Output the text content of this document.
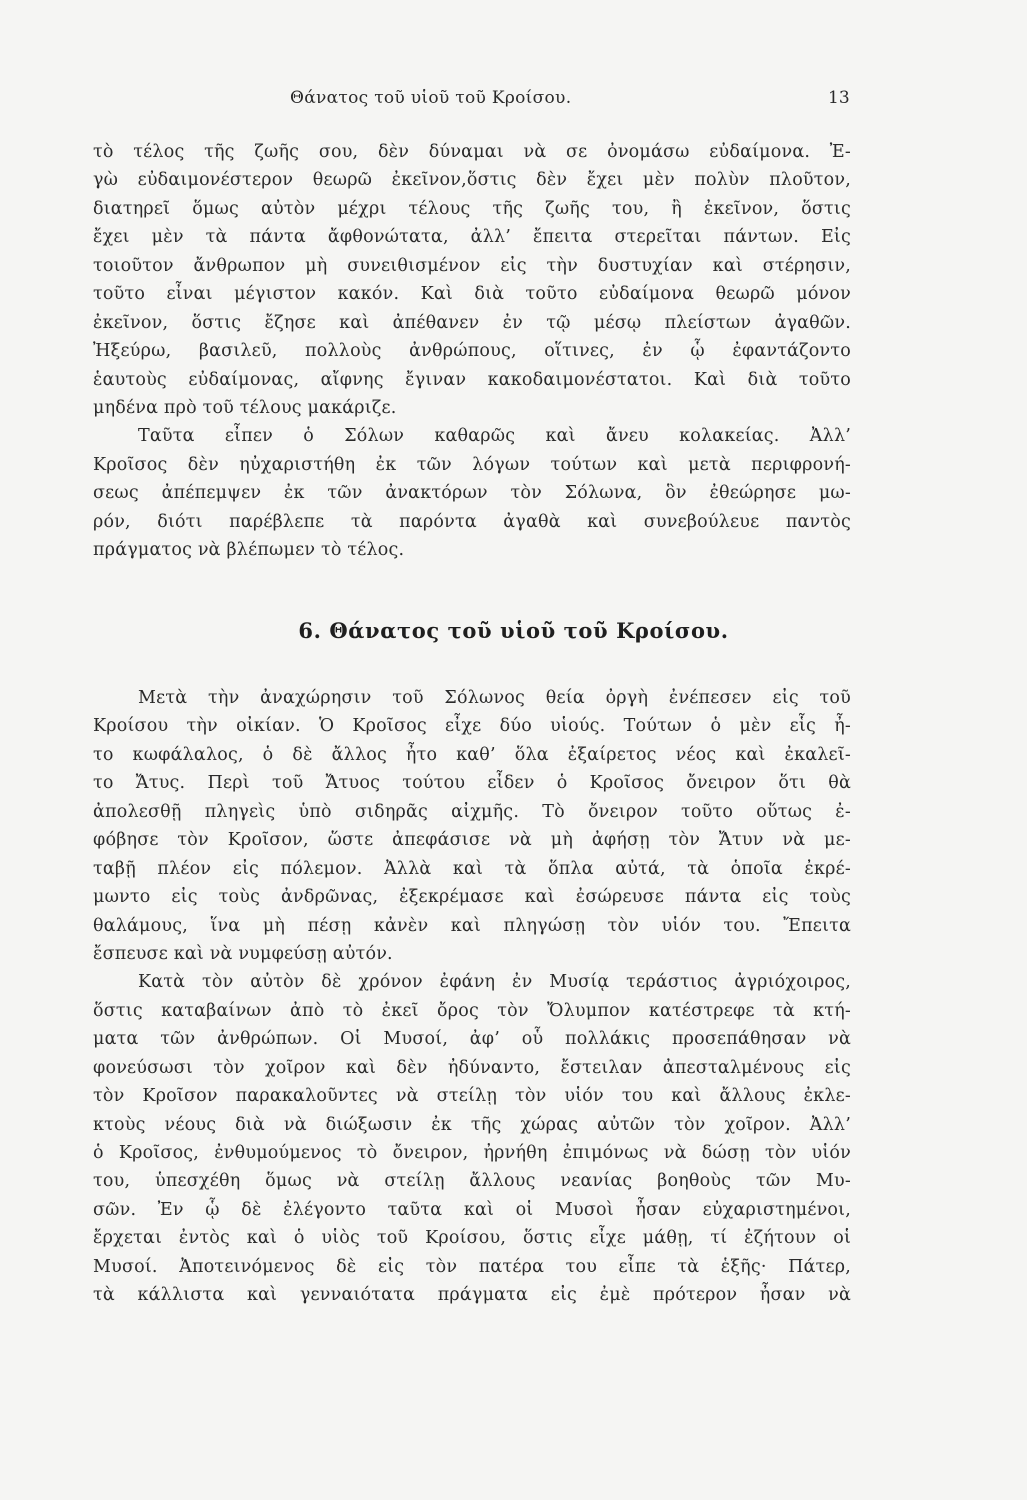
Θάνατος τοῦ υἱοῦ τοῦ Κροίσου.	13
τὸ τέλος τῆς ζωῆς σου, δὲν δύναμαι νὰ σε ὀνομάσω εὐδαίμονα. Ἐ-
γὼ εὐδαιμονέστερον θεωρῶ ἐκεῖνον,ὅστις δὲν ἔχει μὲν πολὺν πλοῦτον,
διατηρεῖ ὅμως αὐτὸν μέχρι τέλους τῆς ζωῆς του, ἢ ἐκεῖνον, ὅστις
ἔχει μὲν τὰ πάντα ἄφθονώτατα, ἀλλ’ ἔπειτα στερεῖται πάντων. Εἰς
τοιοῦτον ἄνθρωπον μὴ συνειθισμένον εἰς τὴν δυστυχίαν καὶ στέρησιν,
τοῦτο εἶναι μέγιστον κακόν. Καὶ διὰ τοῦτο εὐδαίμονα θεωρῶ μόνον
ἐκεῖνον, ὅστις ἔζησε καὶ ἀπέθανεν ἐν τῷ μέσῳ πλείστων ἀγαθῶν.
Ἠξεύρω, βασιλεῦ, πολλοὺς ἀνθρώπους, οἵτινες, ἐν ᾧ ἐφαντάζοντο
ἑαυτοὺς εὐδαίμονας, αἴφνης ἔγιναν κακοδαιμονέστατοι. Καὶ διὰ τοῦτο
μηδένα πρὸ τοῦ τέλους μακάριζε.
Ταῦτα εἶπεν ὁ Σόλων καθαρῶς καὶ ἄνευ κολακείας. Ἀλλ’
Κροῖσος δὲν ηὐχαριστήθη ἐκ τῶν λόγων τούτων καὶ μετὰ περιφρονή-
σεως ἀπέπεμψεν ἐκ τῶν ἀνακτόρων τὸν Σόλωνα, ὃν ἐθεώρησε μω-
ρόν, διότι παρέβλεπε τὰ παρόντα ἀγαθὰ καὶ συνεβούλευε παντὸς
πράγματος νὰ βλέπωμεν τὸ τέλος.
6. Θάνατος τοῦ υἱοῦ τοῦ Κροίσου.
Μετὰ τὴν ἀναχώρησιν τοῦ Σόλωνος θεία ὀργὴ ἐνέπεσεν εἰς τοῦ
Κροίσου τὴν οἰκίαν. Ὁ Κροῖσος εἶχε δύο υἱούς. Τούτων ὁ μὲν εἷς ἦ-
το κωφάλαλος, ὁ δὲ ἄλλος ἦτο καθ’ ὅλα ἐξαίρετος νέος καὶ ἐκαλεῖ-
το Ἄτυς. Περὶ τοῦ Ἄτυος τούτου εἶδεν ὁ Κροῖσος ὄνειρον ὅτι θὰ
ἀπολεσθῇ πληγεὶς ὑπὸ σιδηρᾶς αἰχμῆς. Τὸ ὄνειρον τοῦτο οὕτως ἐ-
φόβησε τὸν Κροῖσον, ὥστε ἀπεφάσισε νὰ μὴ ἀφήσῃ τὸν Ἄτυν νὰ με-
ταβῇ πλέον εἰς πόλεμον. Ἀλλὰ καὶ τὰ ὅπλα αὐτά, τὰ ὁποῖα ἐκρέ-
μωντο εἰς τοὺς ἀνδρῶνας, ἐξεκρέμασε καὶ ἐσώρευσε πάντα εἰς τοὺς
θαλάμους, ἵνα μὴ πέσῃ κἀνὲν καὶ πληγώσῃ τὸν υἱόν του. Ἔπειτα
ἔσπευσε καὶ νὰ νυμφεύσῃ αὐτόν.
Κατὰ τὸν αὐτὸν δὲ χρόνον ἐφάνη ἐν Μυσίᾳ τεράστιος ἀγριόχοιρος,
ὅστις καταβαίνων ἀπὸ τὸ ἐκεῖ ὄρος τὸν Ὄλυμπον κατέστρεφε τὰ κτή-
ματα τῶν ἀνθρώπων. Οἱ Μυσοί, ἀφ’ οὗ πολλάκις προσεπάθησαν νὰ
φονεύσωσι τὸν χοῖρον καὶ δὲν ἠδύναντο, ἔστειλαν ἀπεσταλμένους εἰς
τὸν Κροῖσον παρακαλοῦντες νὰ στείλῃ τὸν υἱόν του καὶ ἄλλους ἐκλε-
κτοὺς νέους διὰ νὰ διώξωσιν ἐκ τῆς χώρας αὐτῶν τὸν χοῖρον. Ἀλλ’
ὁ Κροῖσος, ἐνθυμούμενος τὸ ὄνειρον, ἠρνήθη ἐπιμόνως νὰ δώσῃ τὸν υἱόν
του, ὑπεσχέθη ὅμως νὰ στείλῃ ἄλλους νεανίας βοηθοὺς τῶν Μυ-
σῶν. Ἐν ᾧ δὲ ἐλέγοντο ταῦτα καὶ οἱ Μυσοὶ ἦσαν εὐχαριστημένοι,
ἔρχεται ἐντὸς καὶ ὁ υἱὸς τοῦ Κροίσου, ὅστις εἶχε μάθῃ, τί ἐζήτουν οἱ
Μυσοί. Ἀποτεινόμενος δὲ εἰς τὸν πατέρα του εἶπε τὰ ἑξῆς· Πάτερ,
τὰ κάλλιστα καὶ γενναιότατα πράγματα εἰς ἐμὲ πρότερον ἦσαν νὰ
